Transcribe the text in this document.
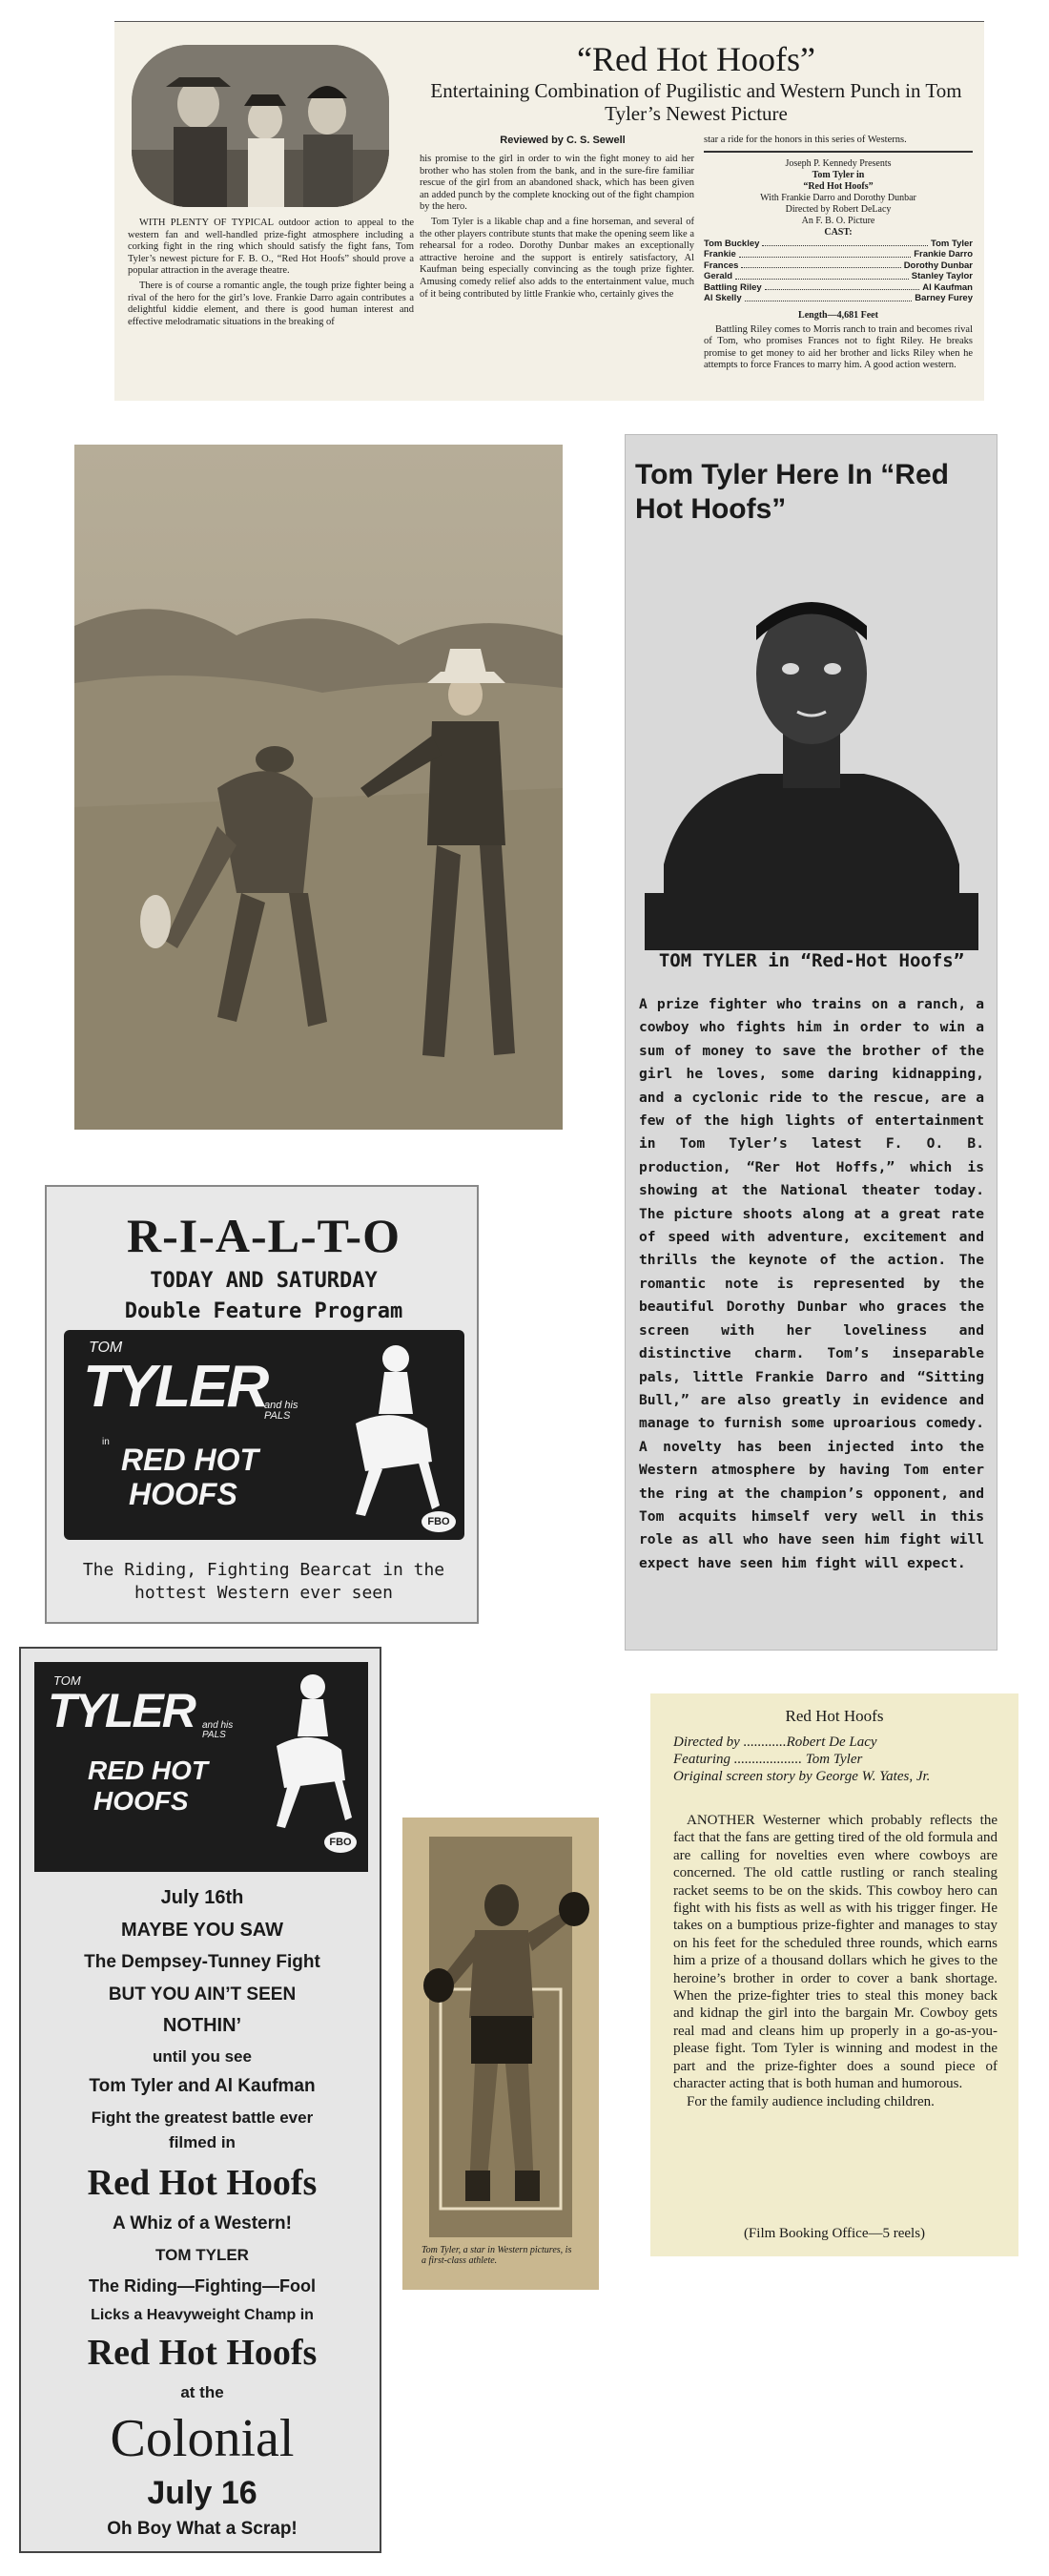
“Red Hot Hoofs”
Entertaining Combination of Pugilistic and Western Punch in Tom Tyler’s Newest Picture
Reviewed by C. S. Sewell

WITH PLENTY OF TYPICAL outdoor action to appeal to the western fan and well-handled prize-fight atmosphere including a corking fight in the ring which should satisfy the fight fans, Tom Tyler’s newest picture for F. B. O., “Red Hot Hoofs” should prove a popular attraction in the average theatre.

There is of course a romantic angle, the tough prize fighter being a rival of the hero for the girl’s love. Frankie Darro again contributes a delightful kiddie element, and there is good human interest and effective melodramatic situations in the breaking of

his promise to the girl in order to win the fight money to aid her brother who has stolen from the bank, and in the sure-fire familiar rescue of the girl from an abandoned shack, which has been given an added punch by the complete knocking out of the fight champion by the hero.

Tom Tyler is a likable chap and a fine horseman, and several of the other players contribute stunts that make the opening seem like a rehearsal for a rodeo. Dorothy Dunbar makes an exceptionally attractive heroine and the support is entirely satisfactory, Al Kaufman being especially convincing as the tough prize fighter. Amusing comedy relief also adds to the entertainment value, much of it being contributed by little Frankie who, certainly gives the

star a ride for the honors in this series of Westerns.

Joseph P. Kennedy Presents
Tom Tyler in
“Red Hot Hoofs”
With Frankie Darro and Dorothy Dunbar
Directed by Robert DeLacy
An F. B. O. Picture
CAST:
Tom Buckley	Tom Tyler
Frankie	Frankie Darro
Frances	Dorothy Dunbar
Gerald	Stanley Taylor
Battling Riley	Al Kaufman
Al Skelly	Barney Furey
Length—4,681 Feet

Battling Riley comes to Morris ranch to train and becomes rival of Tom, who promises Frances not to fight Riley. He breaks promise to get money to aid her brother and licks Riley when he attempts to force Frances to marry him. A good action western.

Tom Tyler Here In “Red Hot Hoofs”
TOM TYLER in “Red-Hot Hoofs”
A prize fighter who trains on a ranch, a cowboy who fights him in order to win a sum of money to save the brother of the girl he loves, some daring kidnapping, and a cyclonic ride to the rescue, are a few of the high lights of entertainment in Tom Tyler’s latest F. O. B. production, “Rer Hot Hoffs,” which is showing at the National theater today. The picture shoots along at a great rate of speed with adventure, excitement and thrills the keynote of the action. The romantic note is represented by the beautiful Dorothy Dunbar who graces the screen with her loveliness and distinctive charm. Tom’s inseparable pals, little Frankie Darro and “Sitting Bull,” are also greatly in evidence and manage to furnish some uproarious comedy. A novelty has been injected into the Western atmosphere by having Tom enter the ring at the champion’s opponent, and Tom acquits himself very well in this role as all who have seen him fight will expect have seen him fight will expect.
R-I-A-L-T-O
TODAY AND SATURDAY
Double Feature Program
TOM
TYLER
and his PALS
in
RED HOT
HOOFS
FBO
The Riding, Fighting Bearcat in the hottest Western ever seen
TOM
TYLER and his PALS
RED HOT
HOOFS
FBO
July 16th
MAYBE YOU SAW
The Dempsey-Tunney Fight
BUT YOU AIN’T SEEN
NOTHIN’
until you see
Tom Tyler and Al Kaufman
Fight the greatest battle ever
filmed in
Red Hot Hoofs
A Whiz of a Western!
TOM TYLER
The Riding—Fighting—Fool
Licks a Heavyweight Champ in
Red Hot Hoofs
at the
Colonial
July 16
Oh Boy What a Scrap!
Tom Tyler, a star in Western pictures, is a first-class athlete.
Red Hot Hoofs
Directed by ............Robert De Lacy
Featuring ................... Tom Tyler
Original screen story by George W. Yates, Jr.

ANOTHER Westerner which probably reflects the fact that the fans are getting tired of the old formula and are calling for novelties even where cowboys are concerned. The old cattle rustling or ranch stealing racket seems to be on the skids. This cowboy hero can fight with his fists as well as with his trigger finger. He takes on a bumptious prize-fighter and manages to stay on his feet for the scheduled three rounds, which earns him a prize of a thousand dollars which he gives to the heroine’s brother in order to cover a bank shortage. When the prize-fighter tries to steal this money back and kidnap the girl into the bargain Mr. Cowboy gets real mad and cleans him up properly in a go-as-you-please fight. Tom Tyler is winning and modest in the part and the prize-fighter does a sound piece of character acting that is both human and humorous.

For the family audience including children.

(Film Booking Office—5 reels)
